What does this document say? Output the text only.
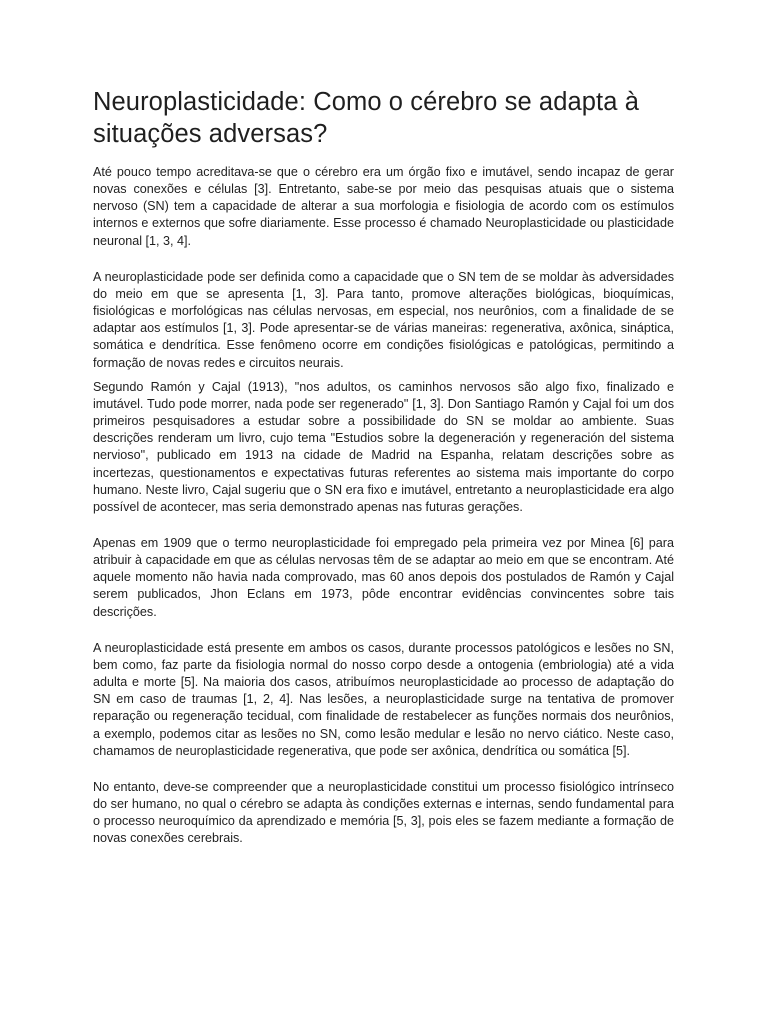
Neuroplasticidade: Como o cérebro se adapta à situações adversas?

Até pouco tempo acreditava-se que o cérebro era um órgão fixo e imutável, sendo incapaz de gerar novas conexões e células [3]. Entretanto, sabe-se por meio das pesquisas atuais que o sistema nervoso (SN) tem a capacidade de alterar a sua morfologia e fisiologia de acordo com os estímulos internos e externos que sofre diariamente. Esse processo é chamado Neuroplasticidade ou plasticidade neuronal [1, 3, 4].

A neuroplasticidade pode ser definida como a capacidade que o SN tem de se moldar às adversidades do meio em que se apresenta [1, 3]. Para tanto, promove alterações biológicas, bioquímicas, fisiológicas e morfológicas nas células nervosas, em especial, nos neurônios, com a finalidade de se adaptar aos estímulos [1, 3]. Pode apresentar-se de várias maneiras: regenerativa, axônica, sináptica, somática e dendrítica. Esse fenômeno ocorre em condições fisiológicas e patológicas, permitindo a formação de novas redes e circuitos neurais.

Segundo Ramón y Cajal (1913), "nos adultos, os caminhos nervosos são algo fixo, finalizado e imutável. Tudo pode morrer, nada pode ser regenerado" [1, 3]. Don Santiago Ramón y Cajal foi um dos primeiros pesquisadores a estudar sobre a possibilidade do SN se moldar ao ambiente. Suas descrições renderam um livro, cujo tema "Estudios sobre la degeneración y regeneración del sistema nervioso", publicado em 1913 na cidade de Madrid na Espanha, relatam descrições sobre as incertezas, questionamentos e expectativas futuras referentes ao sistema mais importante do corpo humano. Neste livro, Cajal sugeriu que o SN era fixo e imutável, entretanto a neuroplasticidade era algo possível de acontecer, mas seria demonstrado apenas nas futuras gerações.

Apenas em 1909 que o termo neuroplasticidade foi empregado pela primeira vez por Minea [6] para atribuir à capacidade em que as células nervosas têm de se adaptar ao meio em que se encontram. Até aquele momento não havia nada comprovado, mas 60 anos depois dos postulados de Ramón y Cajal serem publicados, Jhon Eclans em 1973, pôde encontrar evidências convincentes sobre tais descrições.

A neuroplasticidade está presente em ambos os casos, durante processos patológicos e lesões no SN, bem como, faz parte da fisiologia normal do nosso corpo desde a ontogenia (embriologia) até a vida adulta e morte [5]. Na maioria dos casos, atribuímos neuroplasticidade ao processo de adaptação do SN em caso de traumas [1, 2, 4]. Nas lesões, a neuroplasticidade surge na tentativa de promover reparação ou regeneração tecidual, com finalidade de restabelecer as funções normais dos neurônios, a exemplo, podemos citar as lesões no SN, como lesão medular e lesão no nervo ciático. Neste caso, chamamos de neuroplasticidade regenerativa, que pode ser axônica, dendrítica ou somática [5].

No entanto, deve-se compreender que a neuroplasticidade constitui um processo fisiológico intrínseco do ser humano, no qual o cérebro se adapta às condições externas e internas, sendo fundamental para o processo neuroquímico da aprendizado e memória [5, 3], pois eles se fazem mediante a formação de novas conexões cerebrais.
